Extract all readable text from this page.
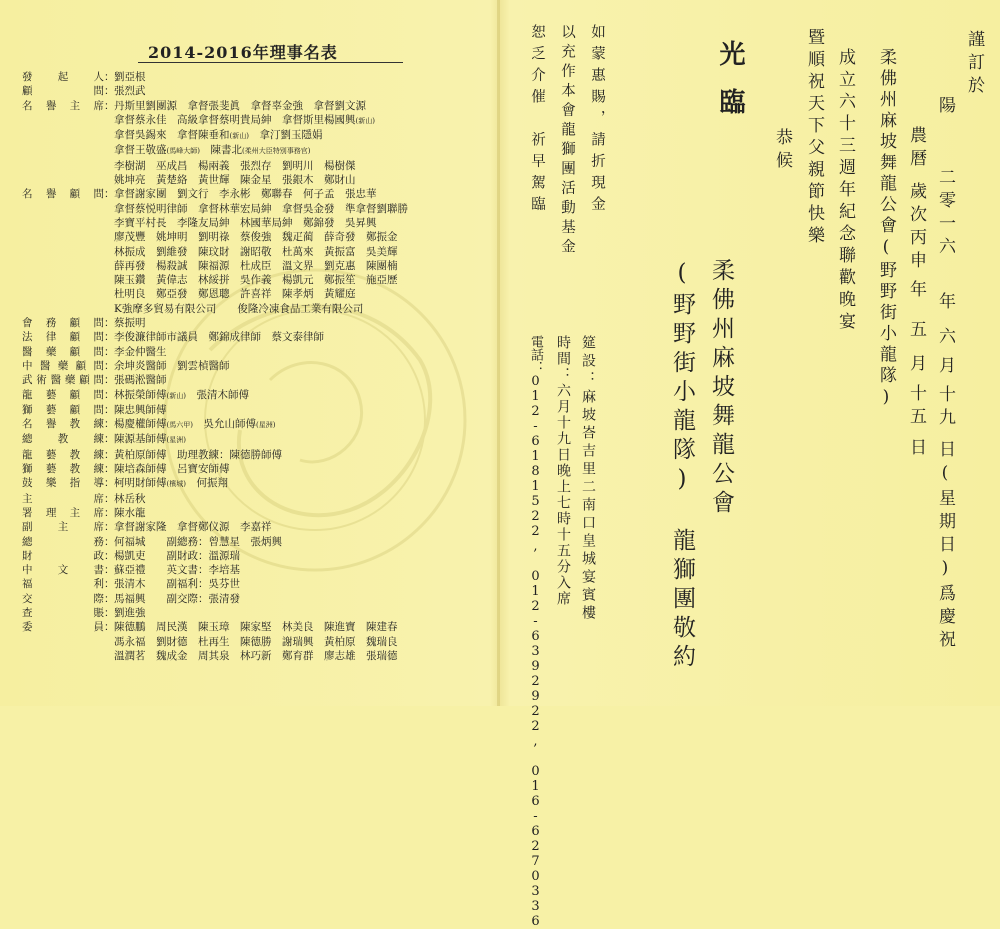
2014-2016年理事名表
發起人 ： 劉亞根
顧問 ： 張烈武
名譽主席 ： 丹斯里劉團源　拿督張斐眞　拿督辜金強　拿督劉文源
拿督蔡永佳　高級拿督蔡明貴局紳　拿督斯里楊國興(新山)
拿督吳錫來　拿督陳垂和(新山)　拿汀劉玉隱娟
拿督王敬盛(馬峰大師)　陳書北(柔州大臣特別事務官)
李樹湖　巫成昌　楊兩義　張烈存　劉明川　楊樹傑
姚坤亮　黃楚絡　黃世輝　陳金星　張銀木　鄭財山
名譽顧問 ： 拿督謝家團　劉文行　李永彬　鄭聯春　何子孟　張忠華
拿督蔡悦明律師　拿督林華宏局紳　拿督吳金發　準拿督劉聯勝
李寶平村長　李隆友局紳　林國華局紳　鄭錦發　吳昇興
廖茂豐　姚坤明　劉明祿　蔡俊強　魏疋蔺　薛奇發　鄭振金
林振成　劉維發　陳玟財　謝昭敬　杜萬來　黃振富　吳美輝
薛再發　楊殺誠　陳福源　杜成臣　溫文界　劉克惠　陳團楠
陳玉鑽　黃偉志　林綏拼　吳作義　楊凱元　鄭振笙　施亞歷
杜明良　鄭亞發　鄭恩聰　許喜祥　陳孝炳　黃耀庭
K強摩多貿易有限公司　　俊隆冷凍食品工業有限公司
會務顧問 ： 蔡振明
法律顧問 ： 李俊濂律師市議員　鄭錦成律師　蔡文泰律師
醫藥顧問 ： 李金仲醫生
中醫藥顧問 ： 余坤炎醫師　劉雲楨醫師
武術醫藥顧問 ： 張碼淞醫師
龍藝顧問 ： 林振榮師傅(新山)　張清木師傅
獅藝顧問 ： 陳忠興師傅
名譽教練 ： 楊慶權師傅(馬六甲)　吳允山師傅(星洲)
總教練 ： 陳源基師傅(星洲)
龍藝教練 ： 黃柏原師傅　助理教練：陳德勝師傅
獅藝教練 ： 陳培森師傅　呂寶安師傅
鼓樂指導 ： 柯明財師傅(檳城)　何振翔
主席 ： 林岳秋
署理主席 ： 陳水龍
副主席 ： 拿督謝家隆　拿督鄭仪源　李嘉祥
總務 ： 何福城　　副總務：曾慧星　張炳興
財政 ： 楊凱吏　　副財政：溫源瑞
中文書 ： 蘇亞禮　　英文書：李培基
福利 ： 張清木　　副福利：吳芬世
交際 ： 馬福興　　副交際：張清發
查賬 ： 劉進強
委員 ： 陳德鵬　周民漢　陳玉璋　陳家堅　林美良　陳進寶　陳建春
馮永福　劉財德　杜再生　陳德勝　謝瑞興　黃柏原　魏瑞良
溫潤茗　魏成金　周其泉　林巧新　鄭育群　廖志雄　張瑞德
謹訂於
陽
二零一六
年
六
月
十九
日(星期日)爲慶祝
農曆
歲次丙申
年
五
月
十五
日
柔佛州麻坡舞龍公會(野野街小龍隊)
成立六十三週年紀念聯歡晚宴
暨順祝天下父親節快樂
恭候
光臨
柔佛州麻坡舞龍公會
(野野街小龍隊)
龍獅團敬約
筵設：麻坡峇吉里二南口皇城宴賓樓
時間：六月十九日晚上七時十五分入席
電話：012-6181522, 012-6392922, 016-6270336
如蒙惠賜，請折現金
以充作本會龍獅團活動基金
恕乏介催　祈早駕臨
